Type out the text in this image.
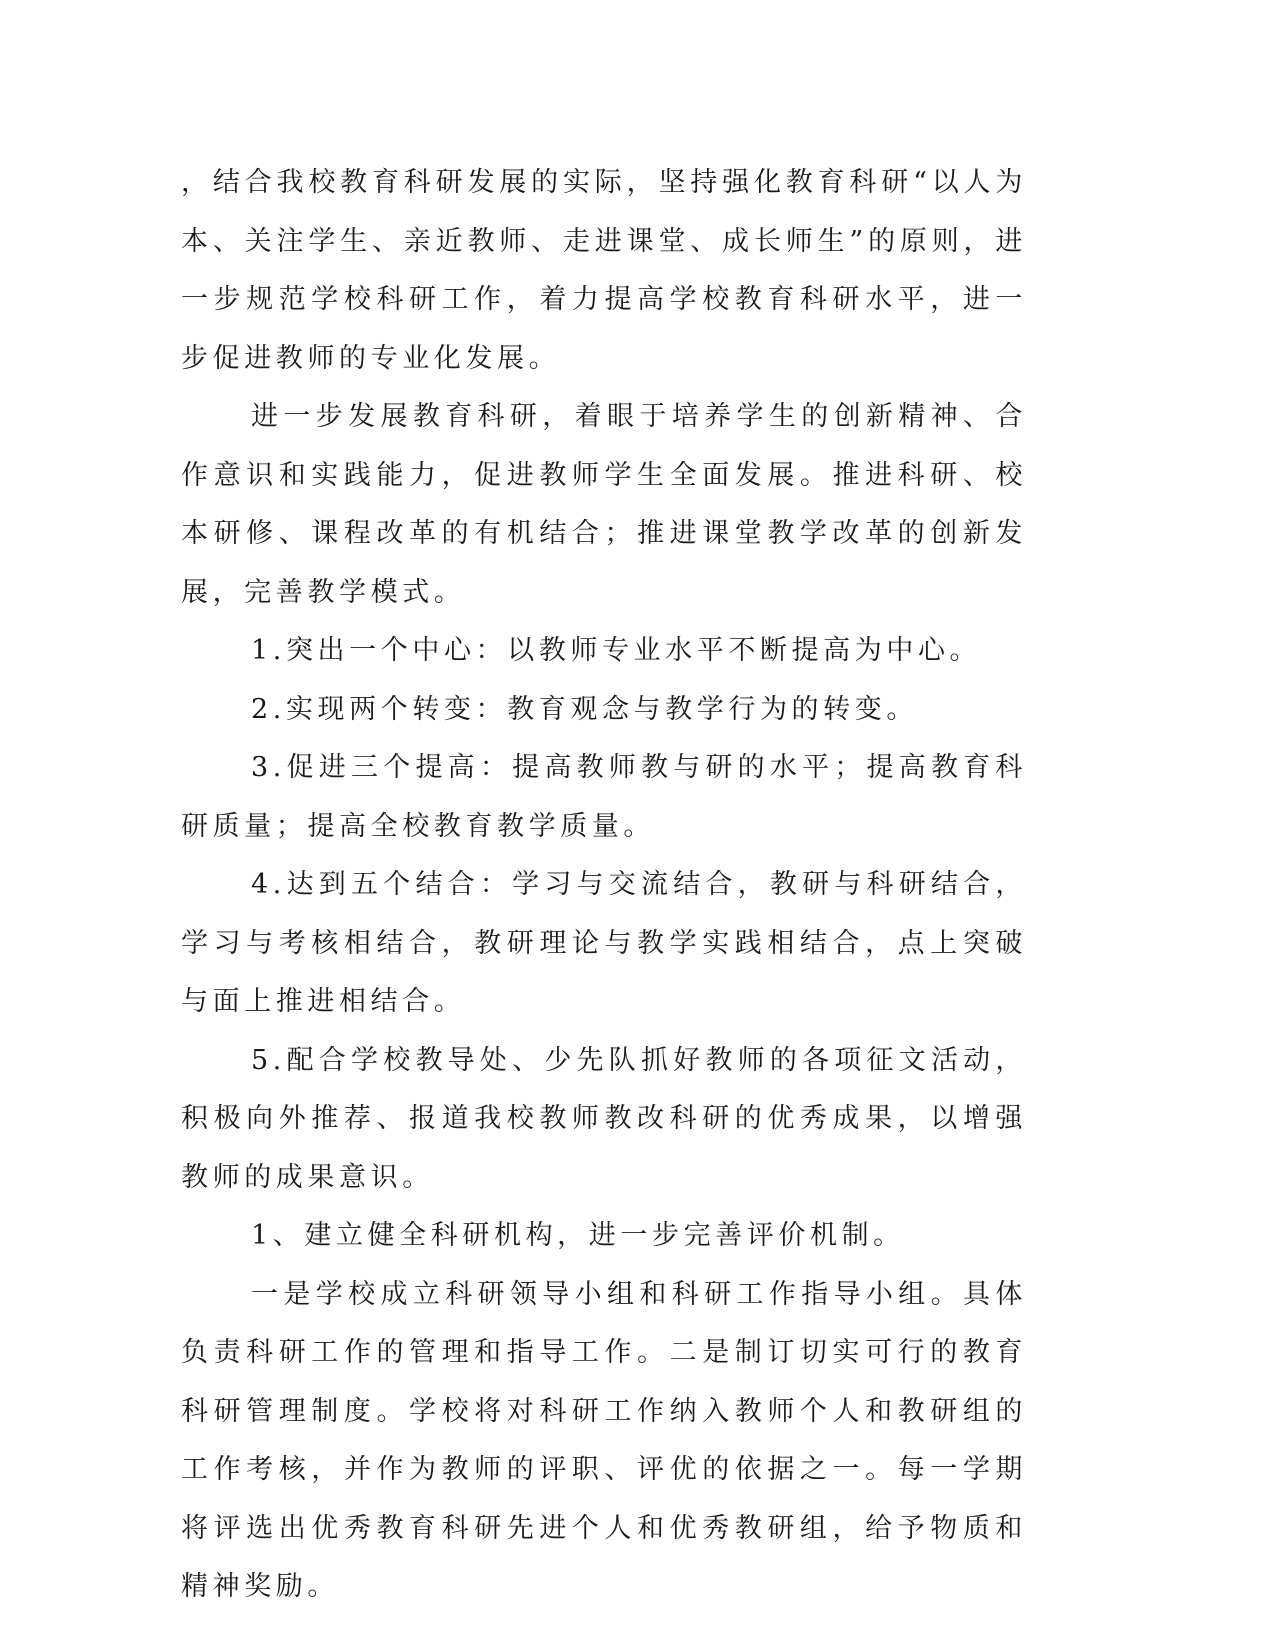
，结合我校教育科研发展的实际，坚持强化教育科研“以人为本、关注学生、亲近教师、走进课堂、成长师生”的原则，进一步规范学校科研工作，着力提高学校教育科研水平，进一步促进教师的专业化发展。

进一步发展教育科研，着眼于培养学生的创新精神、合作意识和实践能力，促进教师学生全面发展。推进科研、校本研修、课程改革的有机结合；推进课堂教学改革的创新发展，完善教学模式。

1.突出一个中心：以教师专业水平不断提高为中心。

2.实现两个转变：教育观念与教学行为的转变。

3.促进三个提高：提高教师教与研的水平；提高教育科研质量；提高全校教育教学质量。

4.达到五个结合：学习与交流结合，教研与科研结合，学习与考核相结合，教研理论与教学实践相结合，点上突破与面上推进相结合。

5.配合学校教导处、少先队抓好教师的各项征文活动，积极向外推荐、报道我校教师教改科研的优秀成果，以增强教师的成果意识。

1、建立健全科研机构，进一步完善评价机制。

一是学校成立科研领导小组和科研工作指导小组。具体负责科研工作的管理和指导工作。二是制订切实可行的教育科研管理制度。学校将对科研工作纳入教师个人和教研组的工作考核，并作为教师的评职、评优的依据之一。每一学期将评选出优秀教育科研先进个人和优秀教研组，给予物质和精神奖励。
